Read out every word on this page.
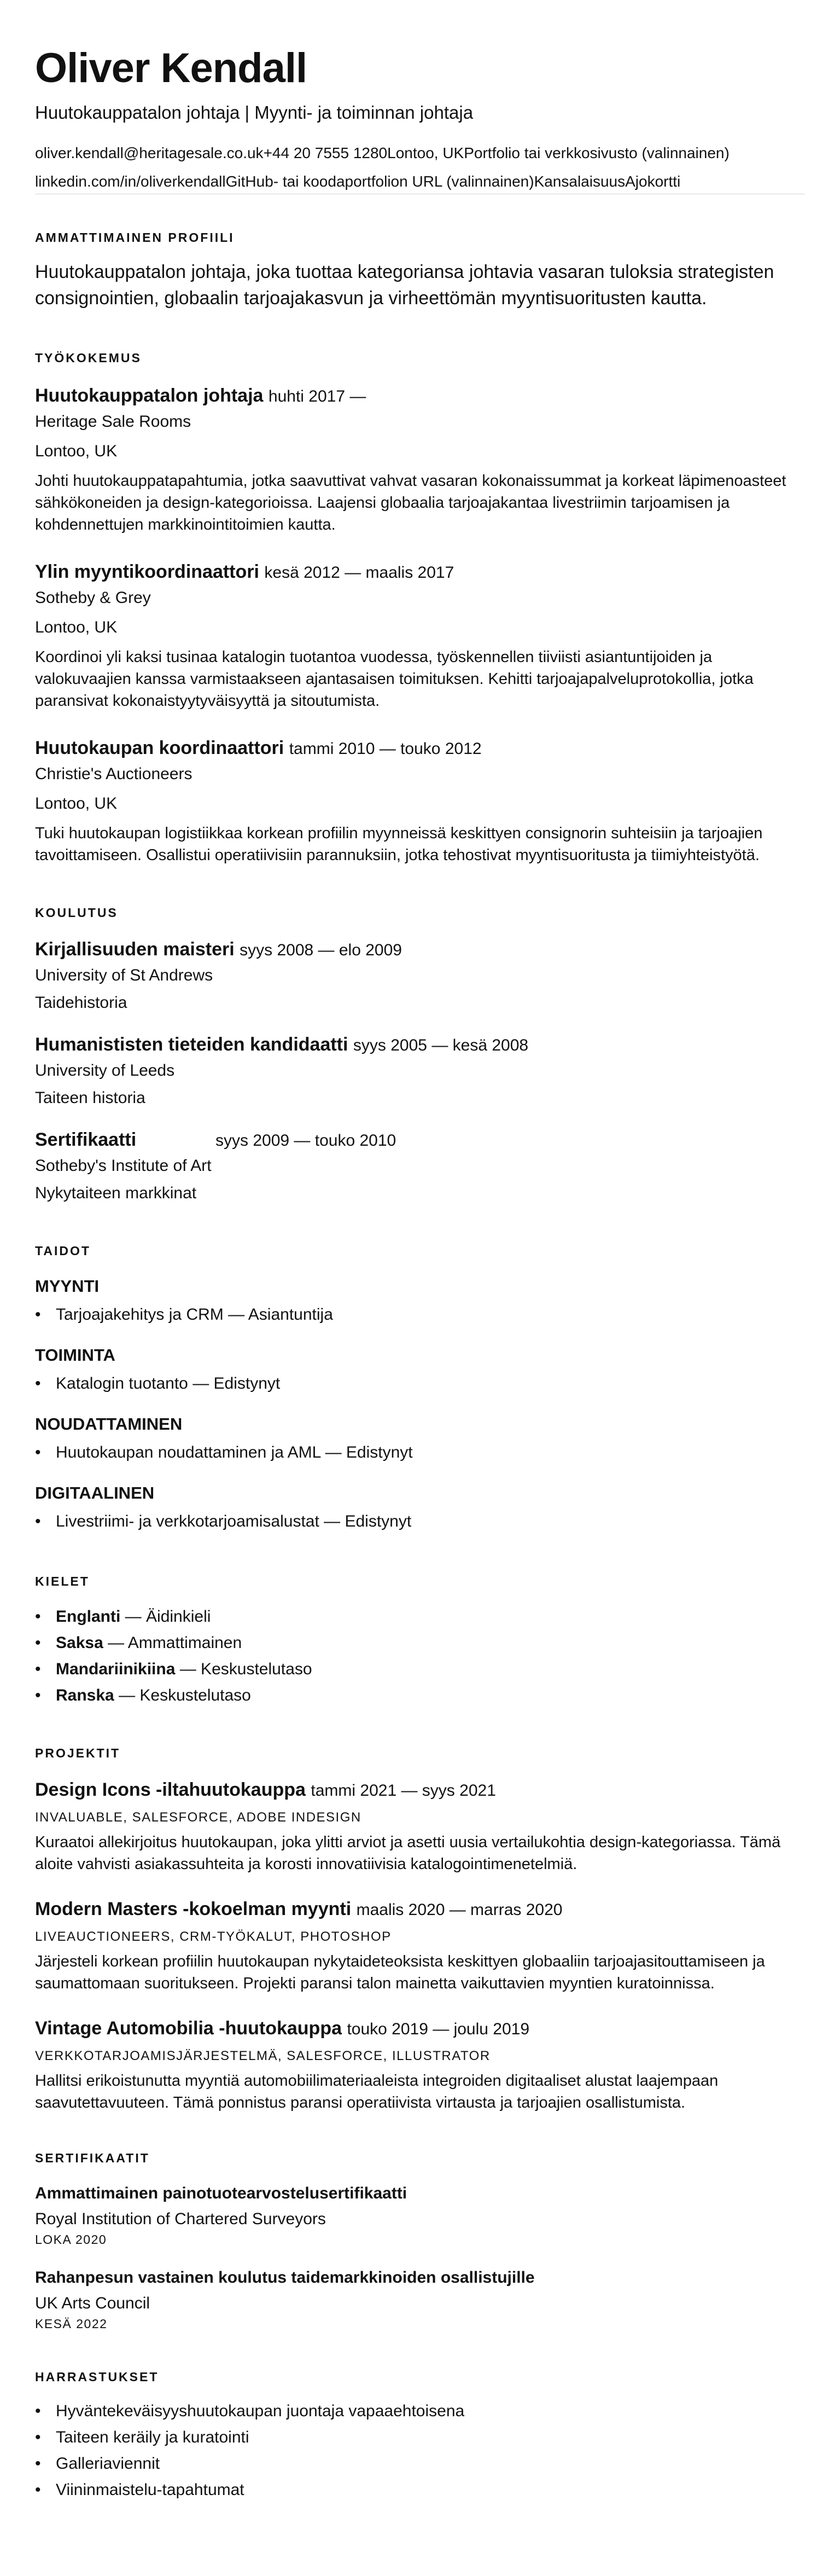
Oliver Kendall
Huutokauppatalon johtaja | Myynti- ja toiminnan johtaja
oliver.kendall@heritagesale.co.uk+44 20 7555 1280Lontoo, UKPortfolio tai verkkosivusto (valinnainen)
linkedin.com/in/oliverkendallGitHub- tai koodaportfolion URL (valinnainen)KansalaisuusAjokortti
AMMATTIMAINEN PROFIILI
Huutokauppatalon johtaja, joka tuottaa kategoriansa johtavia vasaran tuloksia strategisten consignointien, globaalin tarjoajakasvun ja virheettömän myyntisuoritusten kautta.
TYÖKOKEMUS
Huutokauppatalon johtaja huhti 2017 —
Heritage Sale Rooms
Lontoo, UK
Johti huutokauppatapahtumia, jotka saavuttivat vahvat vasaran kokonaissummat ja korkeat läpimenoasteet sähkökoneiden ja design-kategorioissa. Laajensi globaalia tarjoajakantaa livestriimin tarjoamisen ja kohdennettujen markkinointitoimien kautta.
Ylin myyntikoordinaattori kesä 2012 — maalis 2017
Sotheby & Grey
Lontoo, UK
Koordinoi yli kaksi tusinaa katalogin tuotantoa vuodessa, työskennellen tiiviisti asiantuntijoiden ja valokuvaajien kanssa varmistaakseen ajantasaisen toimituksen. Kehitti tarjoajapalveluprotokollia, jotka paransivat kokonaistyytyväisyyttä ja sitoutumista.
Huutokaupan koordinaattori tammi 2010 — touko 2012
Christie's Auctioneers
Lontoo, UK
Tuki huutokaupan logistiikkaa korkean profiilin myynneissä keskittyen consignorin suhteisiin ja tarjoajien tavoittamiseen. Osallistui operatiivisiin parannuksiin, jotka tehostivat myyntisuoritusta ja tiimiyhteistyötä.
KOULUTUS
Kirjallisuuden maisteri syys 2008 — elo 2009
University of St Andrews
Taidehistoria
Humanististen tieteiden kandidaatti syys 2005 — kesä 2008
University of Leeds
Taiteen historia
Sertifikaatti	syys 2009 — touko 2010
Sotheby's Institute of Art
Nykytaiteen markkinat
TAIDOT
MYYNTI
• Tarjoajakehitys ja CRM — Asiantuntija
TOIMINTA
• Katalogin tuotanto — Edistynyt
NOUDATTAMINEN
• Huutokaupan noudattaminen ja AML — Edistynyt
DIGITAALINEN
• Livestriimi- ja verkkotarjoamisalustat — Edistynyt
KIELET
• Englanti — Äidinkieli
• Saksa — Ammattimainen
• Mandariinikiina — Keskustelutaso
• Ranska — Keskustelutaso
PROJEKTIT
Design Icons -iltahuutokauppa tammi 2021 — syys 2021
INVALUABLE, SALESFORCE, ADOBE INDESIGN
Kuraatoi allekirjoitus huutokaupan, joka ylitti arviot ja asetti uusia vertailukohtia design-kategoriassa. Tämä aloite vahvisti asiakassuhteita ja korosti innovatiivisia katalogointimenetelmiä.
Modern Masters -kokoelman myynti maalis 2020 — marras 2020
LIVEAUCTIONEERS, CRM-TYÖKALUT, PHOTOSHOP
Järjesteli korkean profiilin huutokaupan nykytaideteoksista keskittyen globaaliin tarjoajasitouttamiseen ja saumattomaan suoritukseen. Projekti paransi talon mainetta vaikuttavien myyntien kuratoinnissa.
Vintage Automobilia -huutokauppa touko 2019 — joulu 2019
VERKKOTARJOAMISJÄRJESTELMÄ, SALESFORCE, ILLUSTRATOR
Hallitsi erikoistunutta myyntiä automobiilimateriaaleista integroiden digitaaliset alustat laajempaan saavutettavuuteen. Tämä ponnistus paransi operatiivista virtausta ja tarjoajien osallistumista.
SERTIFIKAATIT
Ammattimainen painotuotearvostelusertifikaatti
Royal Institution of Chartered Surveyors
LOKA 2020
Rahanpesun vastainen koulutus taidemarkkinoiden osallistujille
UK Arts Council
KESÄ 2022
HARRASTUKSET
• Hyväntekeväisyyshuutokaupan juontaja vapaaehtoisena
• Taiteen keräily ja kuratointi
• Galleriaviennit
• Viininmaistelu-tapahtumat
